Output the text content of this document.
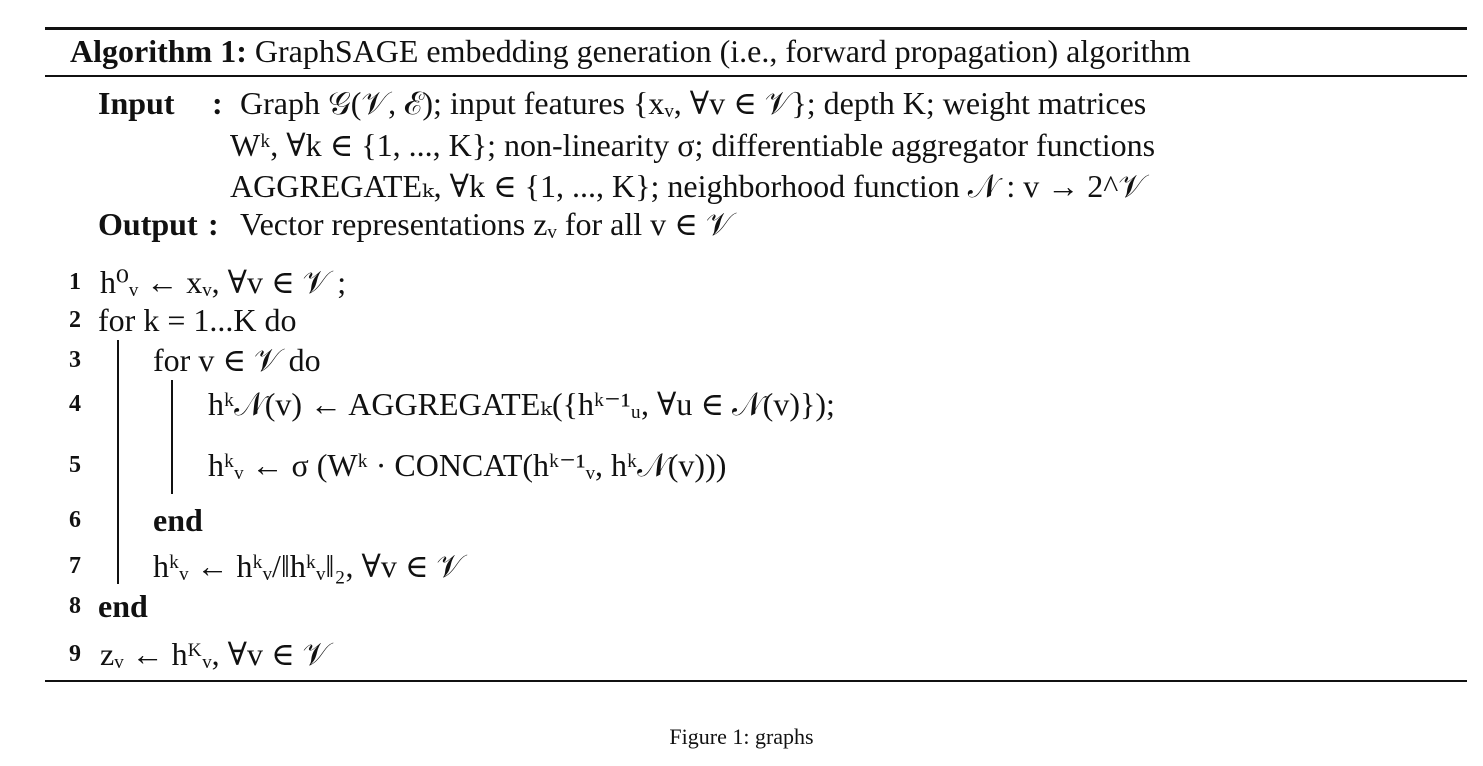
Algorithm 1: GraphSAGE embedding generation (i.e., forward propagation) algorithm
Input : Graph 𝒢(𝒱, ℰ); input features {xᵥ, ∀v ∈ 𝒱}; depth K; weight matrices
Wᵏ, ∀k ∈ {1, ..., K}; non-linearity σ; differentiable aggregator functions
AGGREGATEₖ, ∀k ∈ {1, ..., K}; neighborhood function 𝒩 : v → 2^𝒱
Output : Vector representations zᵥ for all v ∈ 𝒱
1
2
3
4
5
6
7
8
9
h⁰ᵥ ← xᵥ, ∀v ∈ 𝒱 ;
for k = 1...K do
for v ∈ 𝒱 do
hᵏ𝒩(v) ← AGGREGATEₖ({hᵏ⁻¹ᵤ, ∀u ∈ 𝒩(v)});
hᵏᵥ ← σ (Wᵏ · CONCAT(hᵏ⁻¹ᵥ, hᵏ𝒩(v)))
end
hᵏᵥ ← hᵏᵥ/‖hᵏᵥ‖₂, ∀v ∈ 𝒱
end
zᵥ ← hᴷᵥ, ∀v ∈ 𝒱
Figure 1: graphs
